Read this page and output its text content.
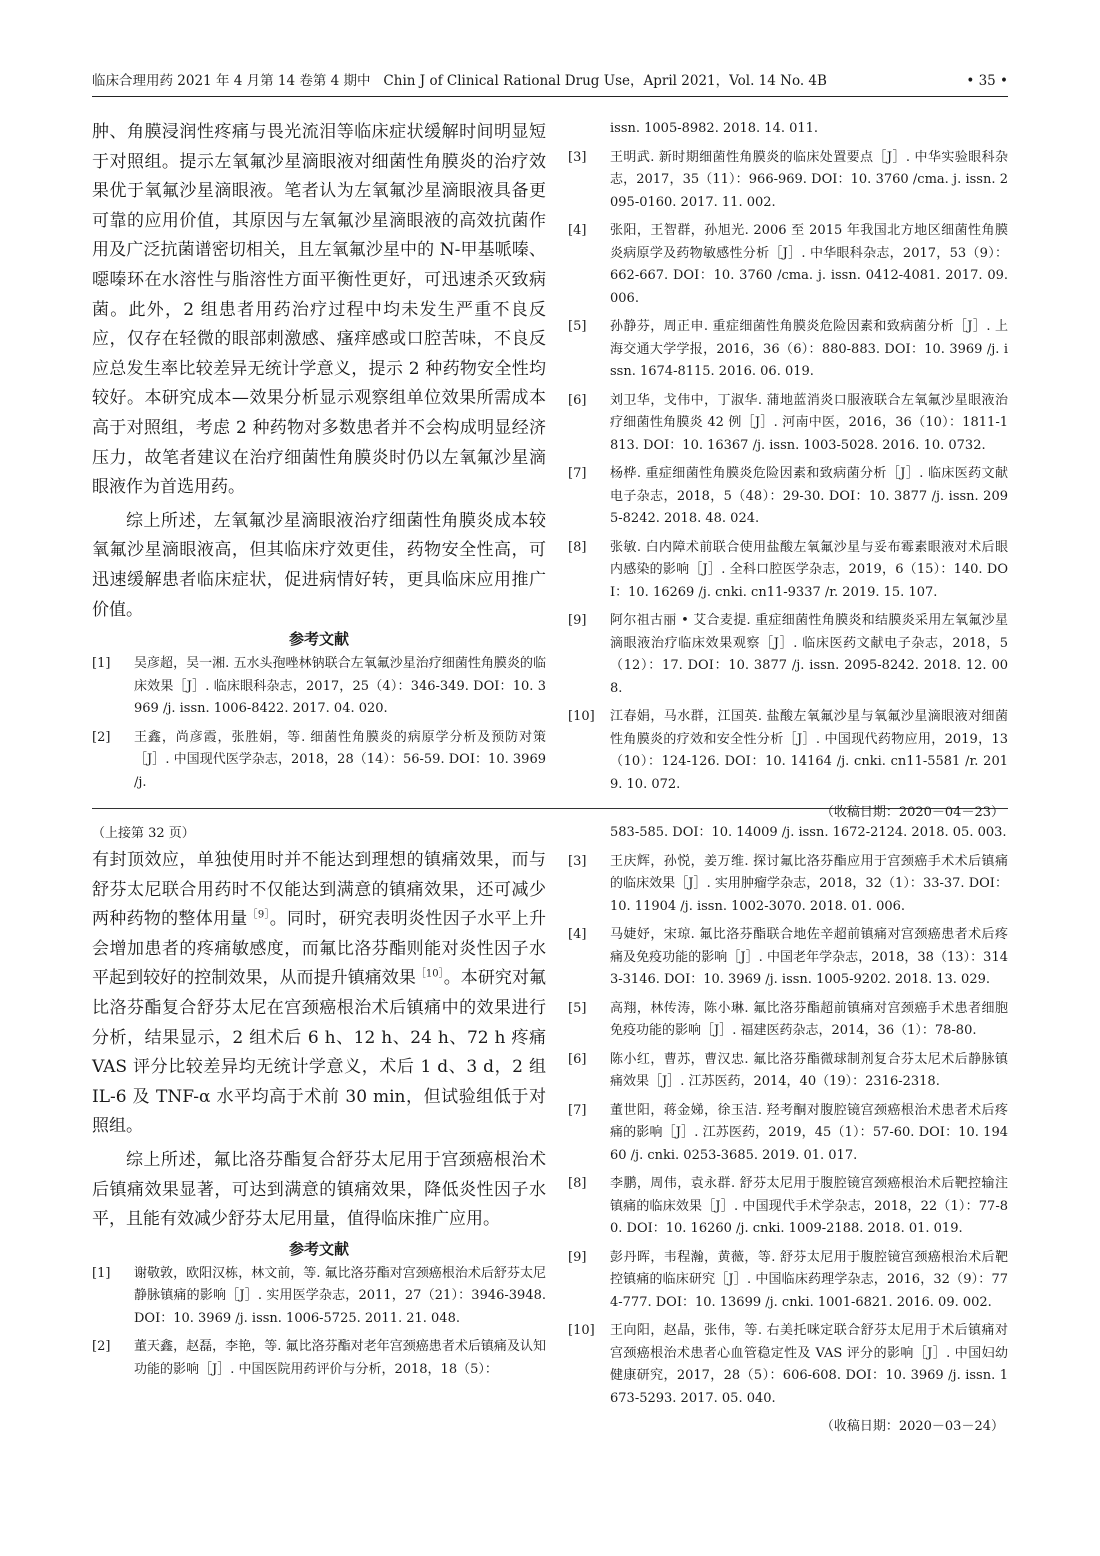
临床合理用药 2021 年 4 月第 14 卷第 4 期中 Chin J of Clinical Rational Drug Use，April 2021，Vol. 14 No. 4B	• 35 •

肿、角膜浸润性疼痛与畏光流泪等临床症状缓解时间明显短于对照组。提示左氧氟沙星滴眼液对细菌性角膜炎的治疗效果优于氧氟沙星滴眼液。笔者认为左氧氟沙星滴眼液具备更可靠的应用价值，其原因与左氧氟沙星滴眼液的高效抗菌作用及广泛抗菌谱密切相关，且左氧氟沙星中的 N-甲基哌嗪、噁嗪环在水溶性与脂溶性方面平衡性更好，可迅速杀灭致病菌。此外，2 组患者用药治疗过程中均未发生严重不良反应，仅存在轻微的眼部刺激感、瘙痒感或口腔苦味，不良反应总发生率比较差异无统计学意义，提示 2 种药物安全性均较好。本研究成本—效果分析显示观察组单位效果所需成本高于对照组，考虑 2 种药物对多数患者并不会构成明显经济压力，故笔者建议在治疗细菌性角膜炎时仍以左氧氟沙星滴眼液作为首选用药。

综上所述，左氧氟沙星滴眼液治疗细菌性角膜炎成本较氧氟沙星滴眼液高，但其临床疗效更佳，药物安全性高，可迅速缓解患者临床症状，促进病情好转，更具临床应用推广价值。

参考文献
[1]	吴彦超，吴一湘. 五水头孢唑林钠联合左氧氟沙星治疗细菌性角膜炎的临床效果［J］. 临床眼科杂志，2017，25（4）：346-349. DOI：10. 3969 /j. issn. 1006-8422. 2017. 04. 020.
[2]	王鑫，尚彦霞，张胜娟，等. 细菌性角膜炎的病原学分析及预防对策［J］. 中国现代医学杂志，2018，28（14）：56-59. DOI：10. 3969 /j.
issn. 1005-8982. 2018. 14. 011.
[3]	王明武. 新时期细菌性角膜炎的临床处置要点［J］. 中华实验眼科杂志，2017，35（11）：966-969. DOI：10. 3760 /cma. j. issn. 2095-0160. 2017. 11. 002.
[4]	张阳，王智群，孙旭光. 2006 至 2015 年我国北方地区细菌性角膜炎病原学及药物敏感性分析［J］. 中华眼科杂志，2017，53（9）：662-667. DOI：10. 3760 /cma. j. issn. 0412-4081. 2017. 09. 006.
[5]	孙静芬，周正申. 重症细菌性角膜炎危险因素和致病菌分析［J］. 上海交通大学学报，2016，36（6）：880-883. DOI：10. 3969 /j. issn. 1674-8115. 2016. 06. 019.
[6]	刘卫华，戈伟中，丁淑华. 蒲地蓝消炎口服液联合左氧氟沙星眼液治疗细菌性角膜炎 42 例［J］. 河南中医，2016，36（10）：1811-1813. DOI：10. 16367 /j. issn. 1003-5028. 2016. 10. 0732.
[7]	杨桦. 重症细菌性角膜炎危险因素和致病菌分析［J］. 临床医药文献电子杂志，2018，5（48）：29-30. DOI：10. 3877 /j. issn. 2095-8242. 2018. 48. 024.
[8]	张敏. 白内障术前联合使用盐酸左氧氟沙星与妥布霉素眼液对术后眼内感染的影响［J］. 全科口腔医学杂志，2019，6（15）：140. DOI：10. 16269 /j. cnki. cn11-9337 /r. 2019. 15. 107.
[9]	阿尔祖古丽 • 艾合麦提. 重症细菌性角膜炎和结膜炎采用左氧氟沙星滴眼液治疗临床效果观察［J］. 临床医药文献电子杂志，2018，5（12）：17. DOI：10. 3877 /j. issn. 2095-8242. 2018. 12. 008.
[10]	江春娟，马水群，江国英. 盐酸左氧氟沙星与氧氟沙星滴眼液对细菌性角膜炎的疗效和安全性分析［J］. 中国现代药物应用，2019，13（10）：124-126. DOI：10. 14164 /j. cnki. cn11-5581 /r. 2019. 10. 072.
（收稿日期：2020－04－23）

（上接第 32 页）

有封顶效应，单独使用时并不能达到理想的镇痛效果，而与舒芬太尼联合用药时不仅能达到满意的镇痛效果，还可减少两种药物的整体用量$^{[9]}$。同时，研究表明炎性因子水平上升会增加患者的疼痛敏感度，而氟比洛芬酯则能对炎性因子水平起到较好的控制效果，从而提升镇痛效果$^{[10]}$。本研究对氟比洛芬酯复合舒芬太尼在宫颈癌根治术后镇痛中的效果进行分析，结果显示，2 组术后 6 h、12 h、24 h、72 h 疼痛 VAS 评分比较差异均无统计学意义，术后 1 d、3 d，2 组IL-6 及 TNF-α 水平均高于术前 30 min，但试验组低于对照组。

综上所述，氟比洛芬酯复合舒芬太尼用于宫颈癌根治术后镇痛效果显著，可达到满意的镇痛效果，降低炎性因子水平，且能有效减少舒芬太尼用量，值得临床推广应用。

参考文献
[1]	谢敬敦，欧阳汉栋，林文前，等. 氟比洛芬酯对宫颈癌根治术后舒芬太尼静脉镇痛的影响［J］. 实用医学杂志，2011，27（21）：3946-3948. DOI：10. 3969 /j. issn. 1006-5725. 2011. 21. 048.
[2]	董天鑫，赵磊，李艳，等. 氟比洛芬酯对老年宫颈癌患者术后镇痛及认知功能的影响［J］. 中国医院用药评价与分析，2018，18（5）：
583-585. DOI：10. 14009 /j. issn. 1672-2124. 2018. 05. 003.
[3]	王庆辉，孙悦，姜万维. 探讨氟比洛芬酯应用于宫颈癌手术术后镇痛的临床效果［J］. 实用肿瘤学杂志，2018，32（1）：33-37. DOI：10. 11904 /j. issn. 1002-3070. 2018. 01. 006.
[4]	马婕妤，宋琼. 氟比洛芬酯联合地佐辛超前镇痛对宫颈癌患者术后疼痛及免疫功能的影响［J］. 中国老年学杂志，2018，38（13）：3143-3146. DOI：10. 3969 /j. issn. 1005-9202. 2018. 13. 029.
[5]	高翔，林传涛，陈小琳. 氟比洛芬酯超前镇痛对宫颈癌手术患者细胞免疫功能的影响［J］. 福建医药杂志，2014，36（1）：78-80.
[6]	陈小红，曹苏，曹汉忠. 氟比洛芬酯微球制剂复合芬太尼术后静脉镇痛效果［J］. 江苏医药，2014，40（19）：2316-2318.
[7]	董世阳，蒋金娣，徐玉洁. 羟考酮对腹腔镜宫颈癌根治术患者术后疼痛的影响［J］. 江苏医药，2019，45（1）：57-60. DOI：10. 19460 /j. cnki. 0253-3685. 2019. 01. 017.
[8]	李鹏，周伟，袁永群. 舒芬太尼用于腹腔镜宫颈癌根治术后靶控输注镇痛的临床效果［J］. 中国现代手术学杂志，2018，22（1）：77-80. DOI：10. 16260 /j. cnki. 1009-2188. 2018. 01. 019.
[9]	彭丹晖，韦程瀚，黄薇，等. 舒芬太尼用于腹腔镜宫颈癌根治术后靶控镇痛的临床研究［J］. 中国临床药理学杂志，2016，32（9）：774-777. DOI：10. 13699 /j. cnki. 1001-6821. 2016. 09. 002.
[10]	王向阳，赵晶，张伟，等. 右美托咪定联合舒芬太尼用于术后镇痛对宫颈癌根治术患者心血管稳定性及 VAS 评分的影响［J］. 中国妇幼健康研究，2017，28（5）：606-608. DOI：10. 3969 /j. issn. 1673-5293. 2017. 05. 040.
（收稿日期：2020－03－24）
